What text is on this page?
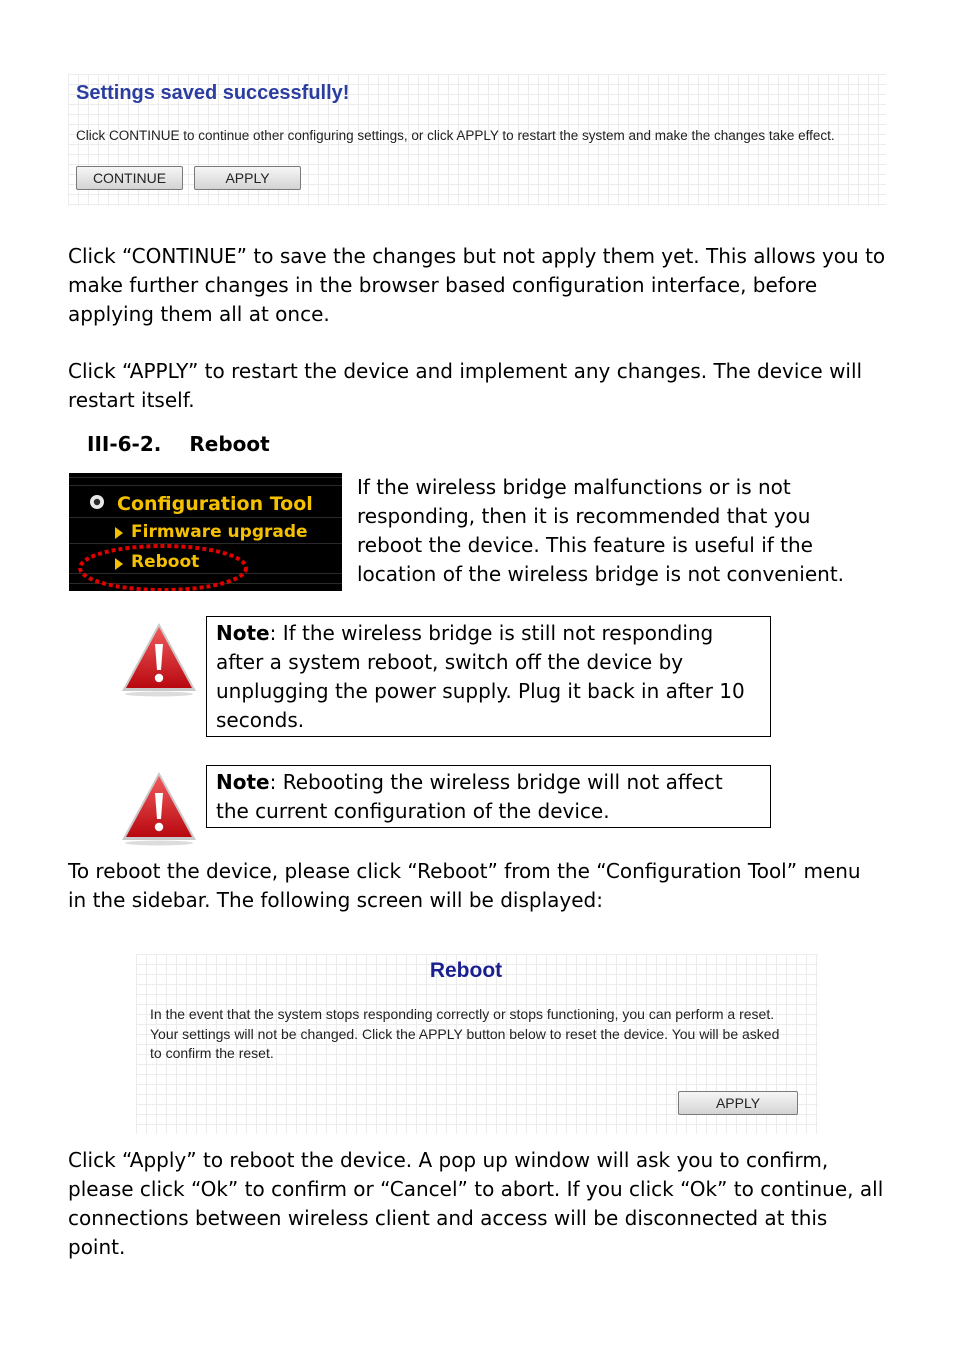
Settings saved successfully!
Click CONTINUE to continue other configuring settings, or click APPLY to restart the system and make the changes take effect.
CONTINUE	APPLY
Click “CONTINUE” to save the changes but not apply them yet. This allows you to make further changes in the browser based configuration interface, before applying them all at once.
Click “APPLY” to restart the device and implement any changes. The device will restart itself.
III-6-2. Reboot
Configuration Tool
Firmware upgrade
Reboot
If the wireless bridge malfunctions or is not responding, then it is recommended that you reboot the device. This feature is useful if the location of the wireless bridge is not convenient.
Note: If the wireless bridge is still not responding after a system reboot, switch off the device by unplugging the power supply. Plug it back in after 10 seconds.
Note: Rebooting the wireless bridge will not affect the current configuration of the device.
To reboot the device, please click “Reboot” from the “Configuration Tool” menu in the sidebar. The following screen will be displayed:
Reboot
In the event that the system stops responding correctly or stops functioning, you can perform a reset. Your settings will not be changed. Click the APPLY button below to reset the device. You will be asked to confirm the reset.
APPLY
Click “Apply” to reboot the device. A pop up window will ask you to confirm, please click “Ok” to confirm or “Cancel” to abort. If you click “Ok” to continue, all connections between wireless client and access will be disconnected at this point.
